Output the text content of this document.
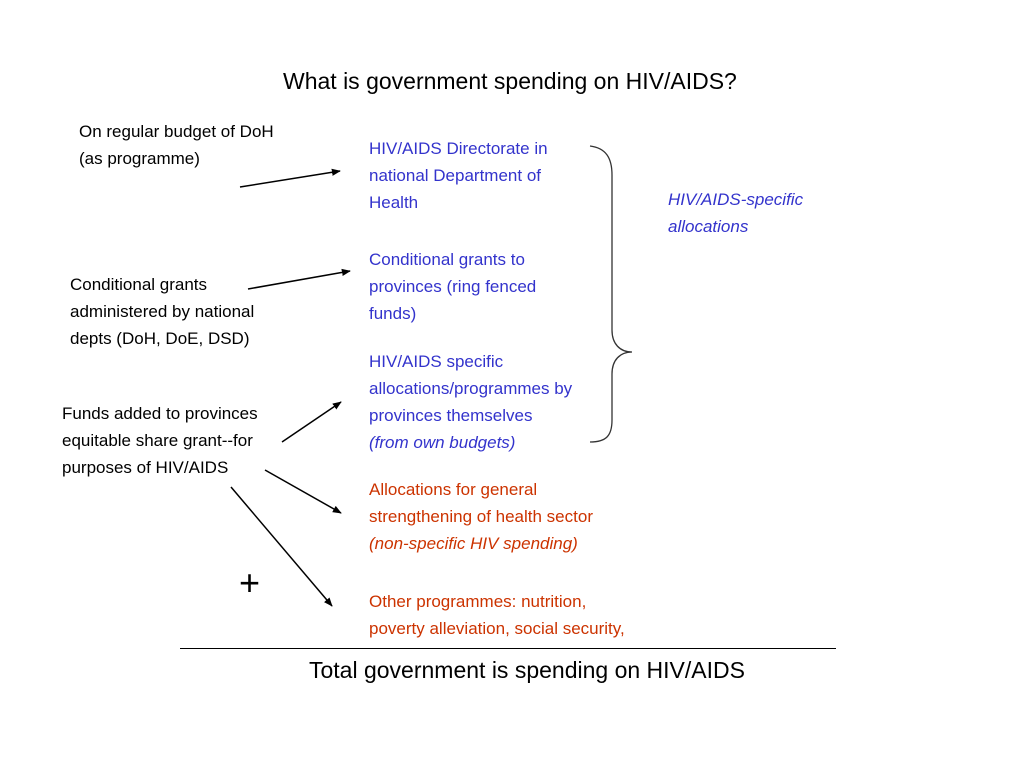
What is government spending on HIV/AIDS?
On regular budget of DoH
(as programme)
Conditional grants
administered by national
depts (DoH, DoE, DSD)
Funds added to provinces
equitable share grant--for
purposes of HIV/AIDS
HIV/AIDS Directorate in
national Department of
Health
Conditional grants to
provinces (ring fenced
funds)
HIV/AIDS specific
allocations/programmes by
provinces themselves
(from own budgets)
Allocations for general
strengthening of health sector
(non-specific HIV spending)
Other programmes: nutrition,
poverty alleviation, social security,
HIV/AIDS-specific
allocations
+
Total government is spending on HIV/AIDS
